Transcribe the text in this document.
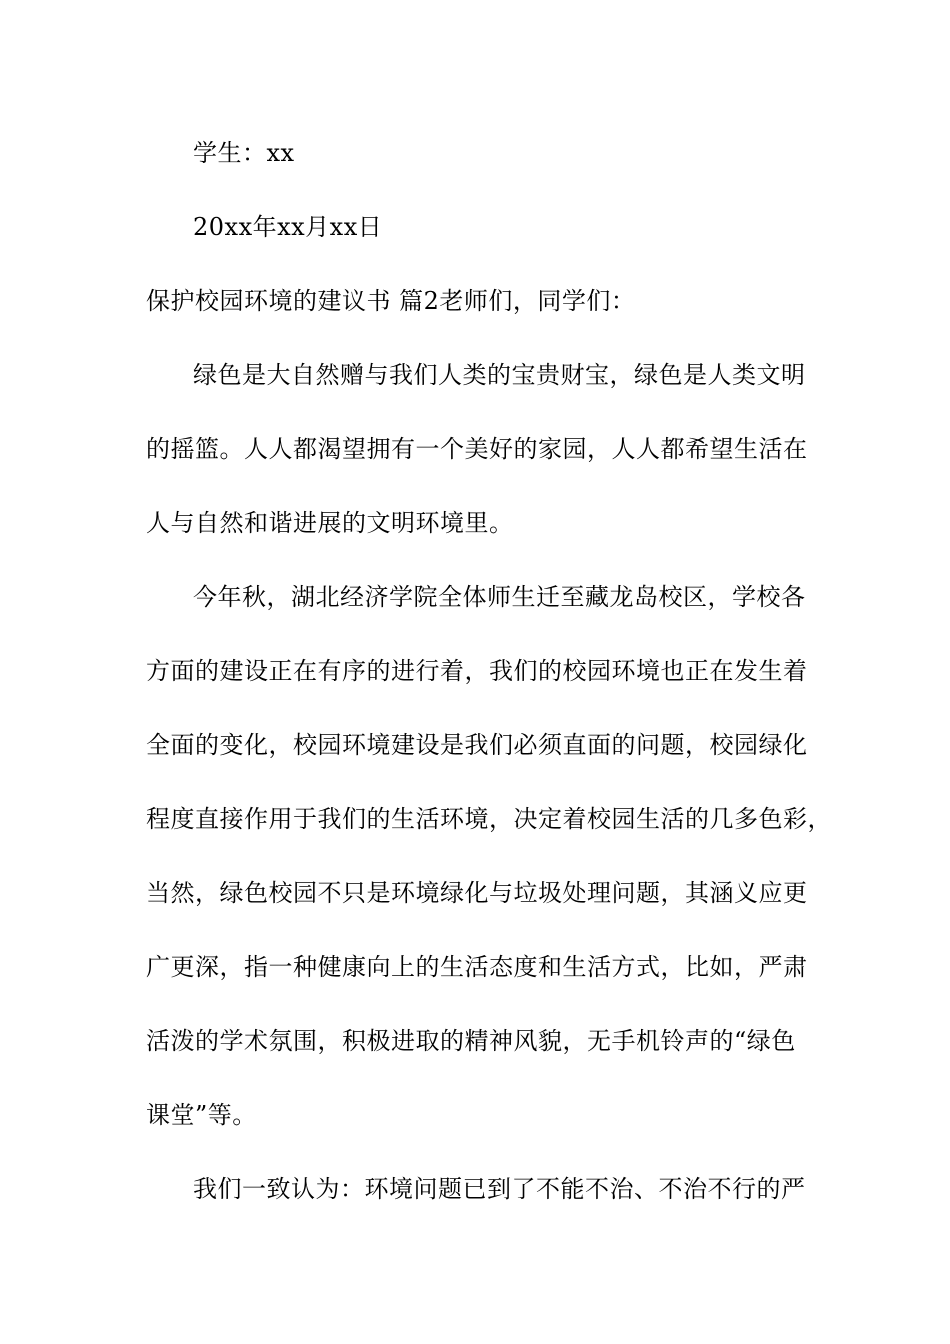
学生：xx
20xx年xx月xx日
保护校园环境的建议书 篇2老师们，同学们：
绿色是大自然赠与我们人类的宝贵财宝，绿色是人类文明
的摇篮。人人都渴望拥有一个美好的家园，人人都希望生活在
人与自然和谐进展的文明环境里。
今年秋，湖北经济学院全体师生迁至藏龙岛校区，学校各
方面的建设正在有序的进行着，我们的校园环境也正在发生着
全面的变化，校园环境建设是我们必须直面的问题，校园绿化
程度直接作用于我们的生活环境，决定着校园生活的几多色彩，
当然，绿色校园不只是环境绿化与垃圾处理问题，其涵义应更
广更深，指一种健康向上的生活态度和生活方式，比如，严肃
活泼的学术氛围，积极进取的精神风貌，无手机铃声的“绿色
课堂”等。
我们一致认为：环境问题已到了不能不治、不治不行的严
